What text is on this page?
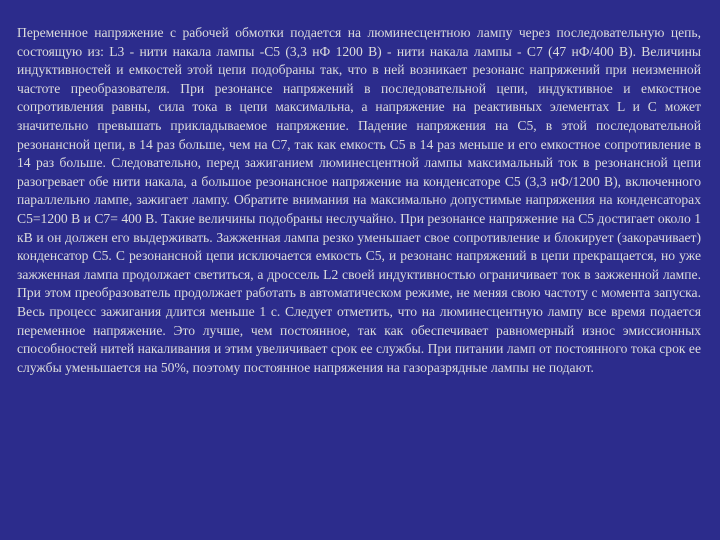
Переменное напряжение с рабочей обмотки подается на люминесцентною лампу через последовательную цепь, состоящую из: L3 - нити накала лампы -C5 (3,3 нФ 1200 В) - нити накала лампы - C7 (47 нФ/400 В). Величины индуктивностей и емкостей этой цепи подобраны так, что в ней возникает резонанс напряжений при неизменной частоте преобразователя. При резонансе напряжений в последовательной цепи, индуктивное и емкостное сопротивления равны, сила тока в цепи максимальна, а напряжение на реактивных элементах L и C может значительно превышать прикладываемое напряжение. Падение напряжения на C5, в этой последовательной резонансной цепи, в 14 раз больше, чем на C7, так как емкость C5 в 14 раз меньше и его емкостное сопротивление в 14 раз больше. Следовательно, перед зажиганием люминесцентной лампы максимальный ток в резонансной цепи разогревает обе нити накала, а большое резонансное напряжение на конденсаторе C5 (3,3 нФ/1200 В), включенного параллельно лампе, зажигает лампу. Обратите внимания на максимально допустимые напряжения на конденсаторах C5=1200 В и C7= 400 В. Такие величины подобраны неслучайно. При резонансе напряжение на C5 достигает около 1 кВ и он должен его выдерживать. Зажженная лампа резко уменьшает свое сопротивление и блокирует (закорачивает) конденсатор C5. С резонансной цепи исключается емкость C5, и резонанс напряжений в цепи прекращается, но уже зажженная лампа продолжает светиться, а дроссель L2 своей индуктивностью ограничивает ток в зажженной лампе. При этом преобразователь продолжает работать в автоматическом режиме, не меняя свою частоту с момента запуска. Весь процесс зажигания длится меньше 1 с. Следует отметить, что на люминесцентную лампу все время подается переменное напряжение. Это лучше, чем постоянное, так как обеспечивает равномерный износ эмиссионных способностей нитей накаливания и этим увеличивает срок ее службы. При питании ламп от постоянного тока срок ее службы уменьшается на 50%, поэтому постоянное напряжения на газоразрядные лампы не подают.
